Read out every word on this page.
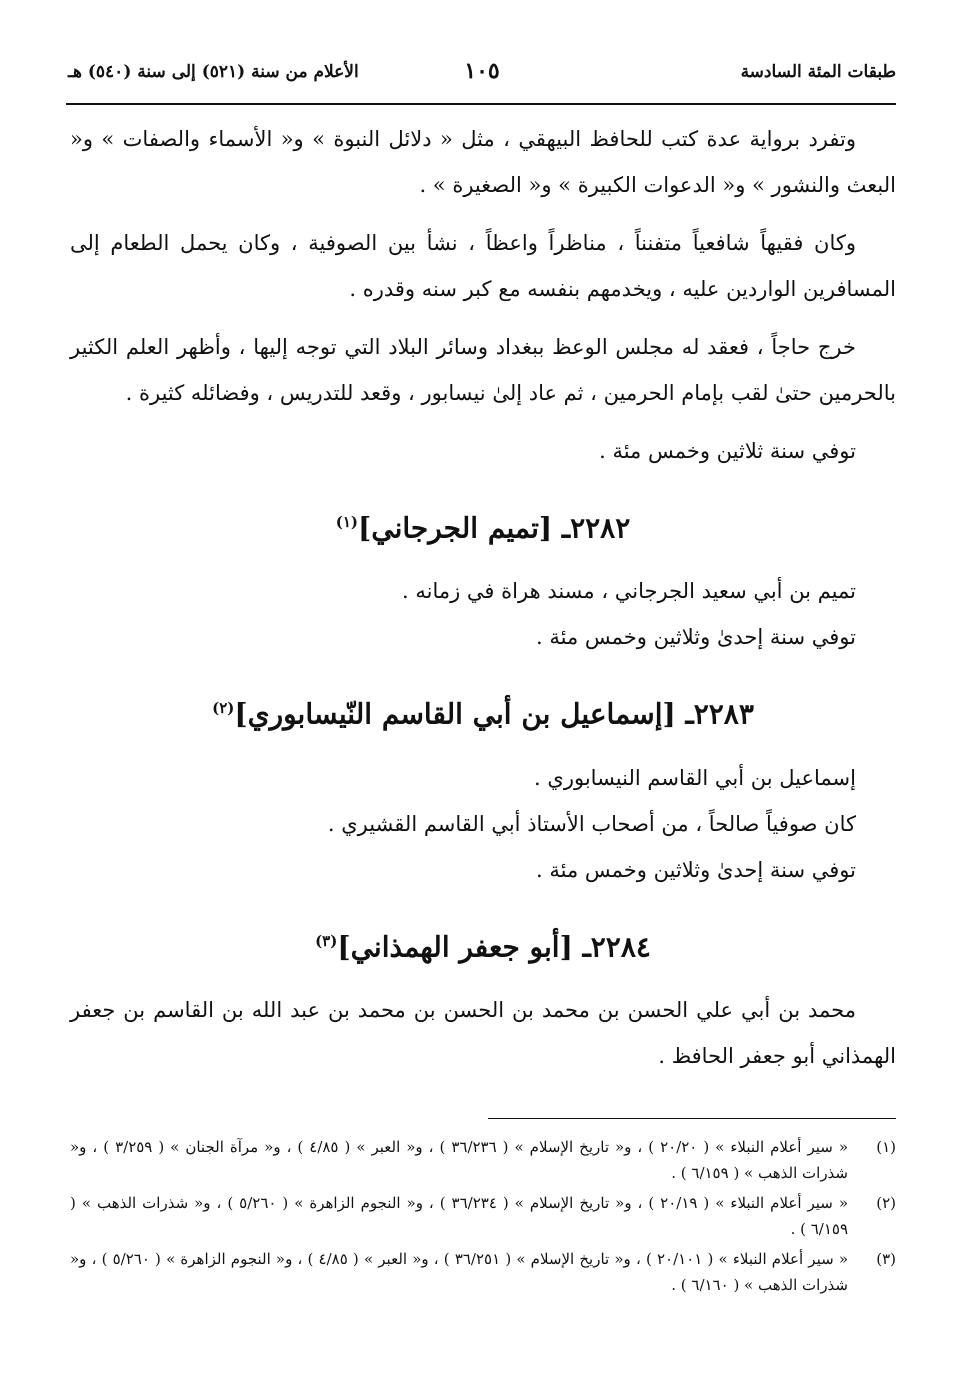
طبقات المئة السادسة
١٠٥
الأعلام من سنة (٥٢١) إلى سنة (٥٤٠) هـ

وتفرد برواية عدة كتب للحافظ البيهقي ، مثل « دلائل النبوة » و« الأسماء والصفات » و« البعث والنشور » و« الدعوات الكبيرة » و« الصغيرة » .

وكان فقيهاً شافعياً متفنناً ، مناظراً واعظاً ، نشأ بين الصوفية ، وكان يحمل الطعام إلى المسافرين الواردين عليه ، ويخدمهم بنفسه مع كبر سنه وقدره .

خرج حاجاً ، فعقد له مجلس الوعظ ببغداد وسائر البلاد التي توجه إليها ، وأظهر العلم الكثير بالحرمين حتىٰ لقب بإمام الحرمين ، ثم عاد إلىٰ نيسابور ، وقعد للتدريس ، وفضائله كثيرة .

توفي سنة ثلاثين وخمس مئة .

٢٢٨٢ـ [تميم الجرجاني]$^{(١)}$

تميم بن أبي سعيد الجرجاني ، مسند هراة في زمانه .

توفي سنة إحدىٰ وثلاثين وخمس مئة .

٢٢٨٣ـ [إسماعيل بن أبي القاسم النّيسابوري]$^{(٢)}$

إسماعيل بن أبي القاسم النيسابوري .

كان صوفياً صالحاً ، من أصحاب الأستاذ أبي القاسم القشيري .

توفي سنة إحدىٰ وثلاثين وخمس مئة .

٢٢٨٤ـ [أبو جعفر الهمذاني]$^{(٣)}$

محمد بن أبي علي الحسن بن محمد بن الحسن بن محمد بن عبد الله بن القاسم بن جعفر الهمذاني أبو جعفر الحافظ .

(١)
« سير أعلام النبلاء » ( ٢٠/٢٠ ) ، و« تاريخ الإسلام » ( ٣٦/٢٣٦ ) ، و« العبر » ( ٤/٨٥ ) ، و« مرآة الجنان » ( ٣/٢٥٩ ) ، و« شذرات الذهب » ( ٦/١٥٩ ) .
(٢)
« سير أعلام النبلاء » ( ٢٠/١٩ ) ، و« تاريخ الإسلام » ( ٣٦/٢٣٤ ) ، و« النجوم الزاهرة » ( ٥/٢٦٠ ) ، و« شذرات الذهب » ( ٦/١٥٩ ) .
(٣)
« سير أعلام النبلاء » ( ٢٠/١٠١ ) ، و« تاريخ الإسلام » ( ٣٦/٢٥١ ) ، و« العبر » ( ٤/٨٥ ) ، و« النجوم الزاهرة » ( ٥/٢٦٠ ) ، و« شذرات الذهب » ( ٦/١٦٠ ) .
